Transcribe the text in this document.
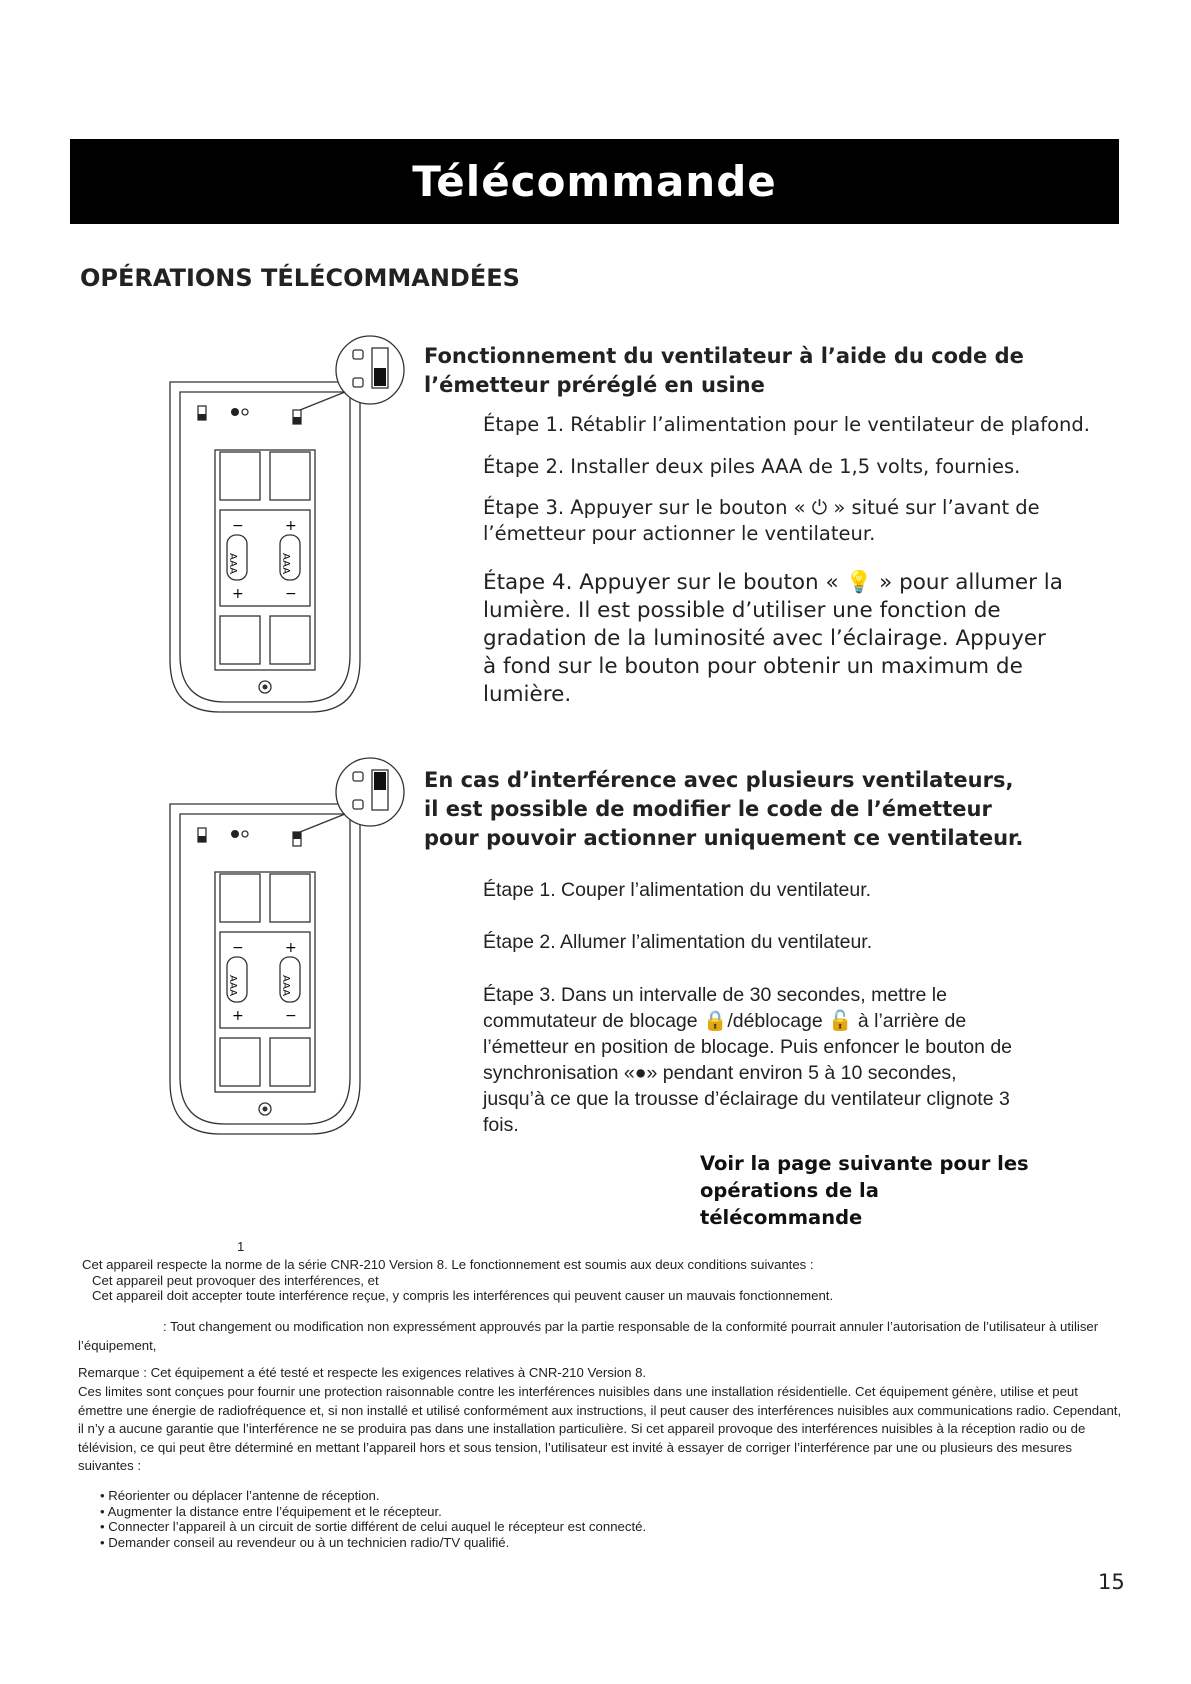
Télécommande
OPÉRATIONS TÉLÉCOMMANDÉES
AAA	AAA
−	+
+	−
Fonctionnement du ventilateur à l’aide du code de l’émetteur préréglé en usine
Étape 1. Rétablir l’alimentation pour le ventilateur de plafond.
Étape 2. Installer deux piles AAA de 1,5 volts, fournies.
Étape 3. Appuyer sur le bouton « ⏻ » situé sur l’avant de l’émetteur pour actionner le ventilateur.
Étape 4. Appuyer sur le bouton « 💡 » pour allumer la lumière. Il est possible d’utiliser une fonction de gradation de la luminosité avec l’éclairage. Appuyer à fond sur le bouton pour obtenir un maximum de lumière.
AAA	AAA
−	+
+	−
En cas d’interférence avec plusieurs ventilateurs, il est possible de modifier le code de l’émetteur pour pouvoir actionner uniquement ce ventilateur.
Étape 1. Couper l’alimentation du ventilateur.
Étape 2. Allumer l’alimentation du ventilateur.
Étape 3. Dans un intervalle de 30 secondes, mettre le commutateur de blocage 🔒/déblocage 🔓 à l’arrière de l’émetteur en position de blocage. Puis enfoncer le bouton de synchronisation «●» pendant environ 5 à 10 secondes, jusqu’à ce que la trousse d’éclairage du ventilateur clignote 3 fois.
Voir la page suivante pour les opérations de la télécommande
1
Cet appareil respecte la norme de la série CNR-210 Version 8. Le fonctionnement est soumis aux deux conditions suivantes :
Cet appareil peut provoquer des interférences, et
Cet appareil doit accepter toute interférence reçue, y compris les interférences qui peuvent causer un mauvais fonctionnement.
: Tout changement ou modification non expressément approuvés par la partie responsable de la conformité pourrait annuler l’autorisation de l’utilisateur à utiliser l’équipement,
Remarque : Cet équipement a été testé et respecte les exigences relatives à CNR-210 Version 8.
Ces limites sont conçues pour fournir une protection raisonnable contre les interférences nuisibles dans une installation résidentielle. Cet équipement génère, utilise et peut émettre une énergie de radiofréquence et, si non installé et utilisé conformément aux instructions, il peut causer des interférences nuisibles aux communications radio. Cependant, il n’y a aucune garantie que l’interférence ne se produira pas dans une installation particulière. Si cet appareil provoque des interférences nuisibles à la réception radio ou de télévision, ce qui peut être déterminé en mettant l’appareil hors et sous tension, l’utilisateur est invité à essayer de corriger l’interférence par une ou plusieurs des mesures suivantes :
• Réorienter ou déplacer l’antenne de réception.
• Augmenter la distance entre l’équipement et le récepteur.
• Connecter l’appareil à un circuit de sortie différent de celui auquel le récepteur est connecté.
• Demander conseil au revendeur ou à un technicien radio/TV qualifié.
15
